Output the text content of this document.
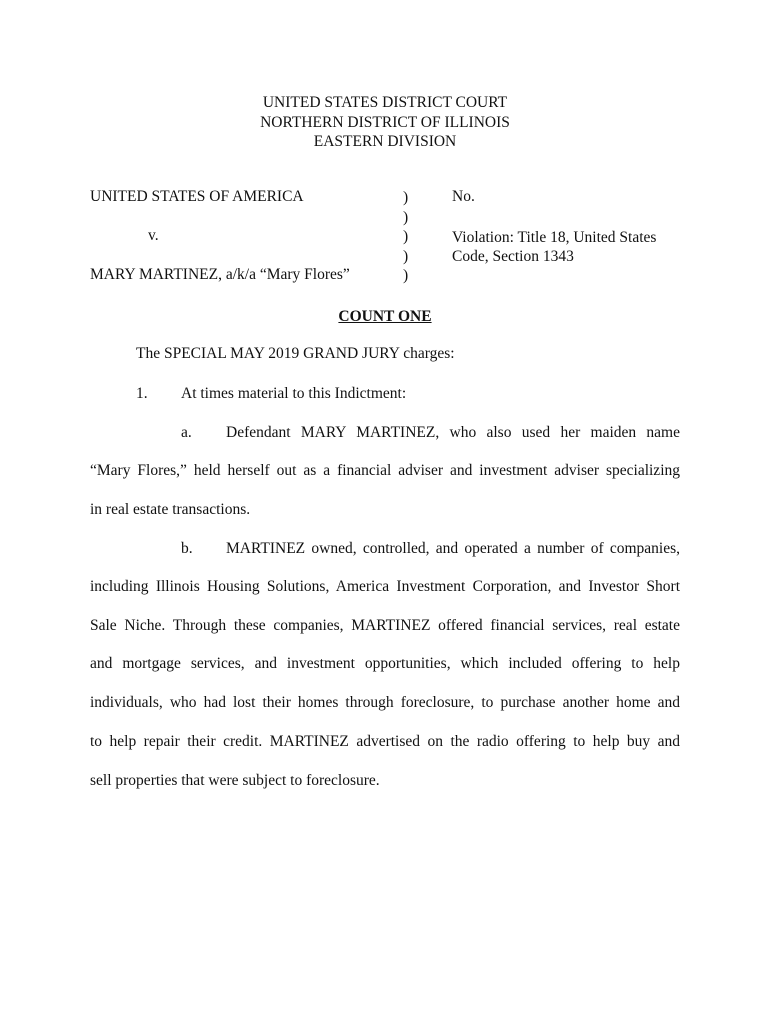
UNITED STATES DISTRICT COURT
NORTHERN DISTRICT OF ILLINOIS
EASTERN DIVISION
UNITED STATES OF AMERICA
v.
MARY MARTINEZ, a/k/a “Mary Flores”
)
)
)
)
)
No.
Violation: Title 18, United States
Code, Section 1343
COUNT ONE
The SPECIAL MAY 2019 GRAND JURY charges:
1. At times material to this Indictment:
a. Defendant MARY MARTINEZ, who also used her maiden name
“Mary Flores,” held herself out as a financial adviser and investment adviser specializing
in real estate transactions.
b. MARTINEZ owned, controlled, and operated a number of companies,
including Illinois Housing Solutions, America Investment Corporation, and Investor Short
Sale Niche. Through these companies, MARTINEZ offered financial services, real estate
and mortgage services, and investment opportunities, which included offering to help
individuals, who had lost their homes through foreclosure, to purchase another home and
to help repair their credit. MARTINEZ advertised on the radio offering to help buy and
sell properties that were subject to foreclosure.
